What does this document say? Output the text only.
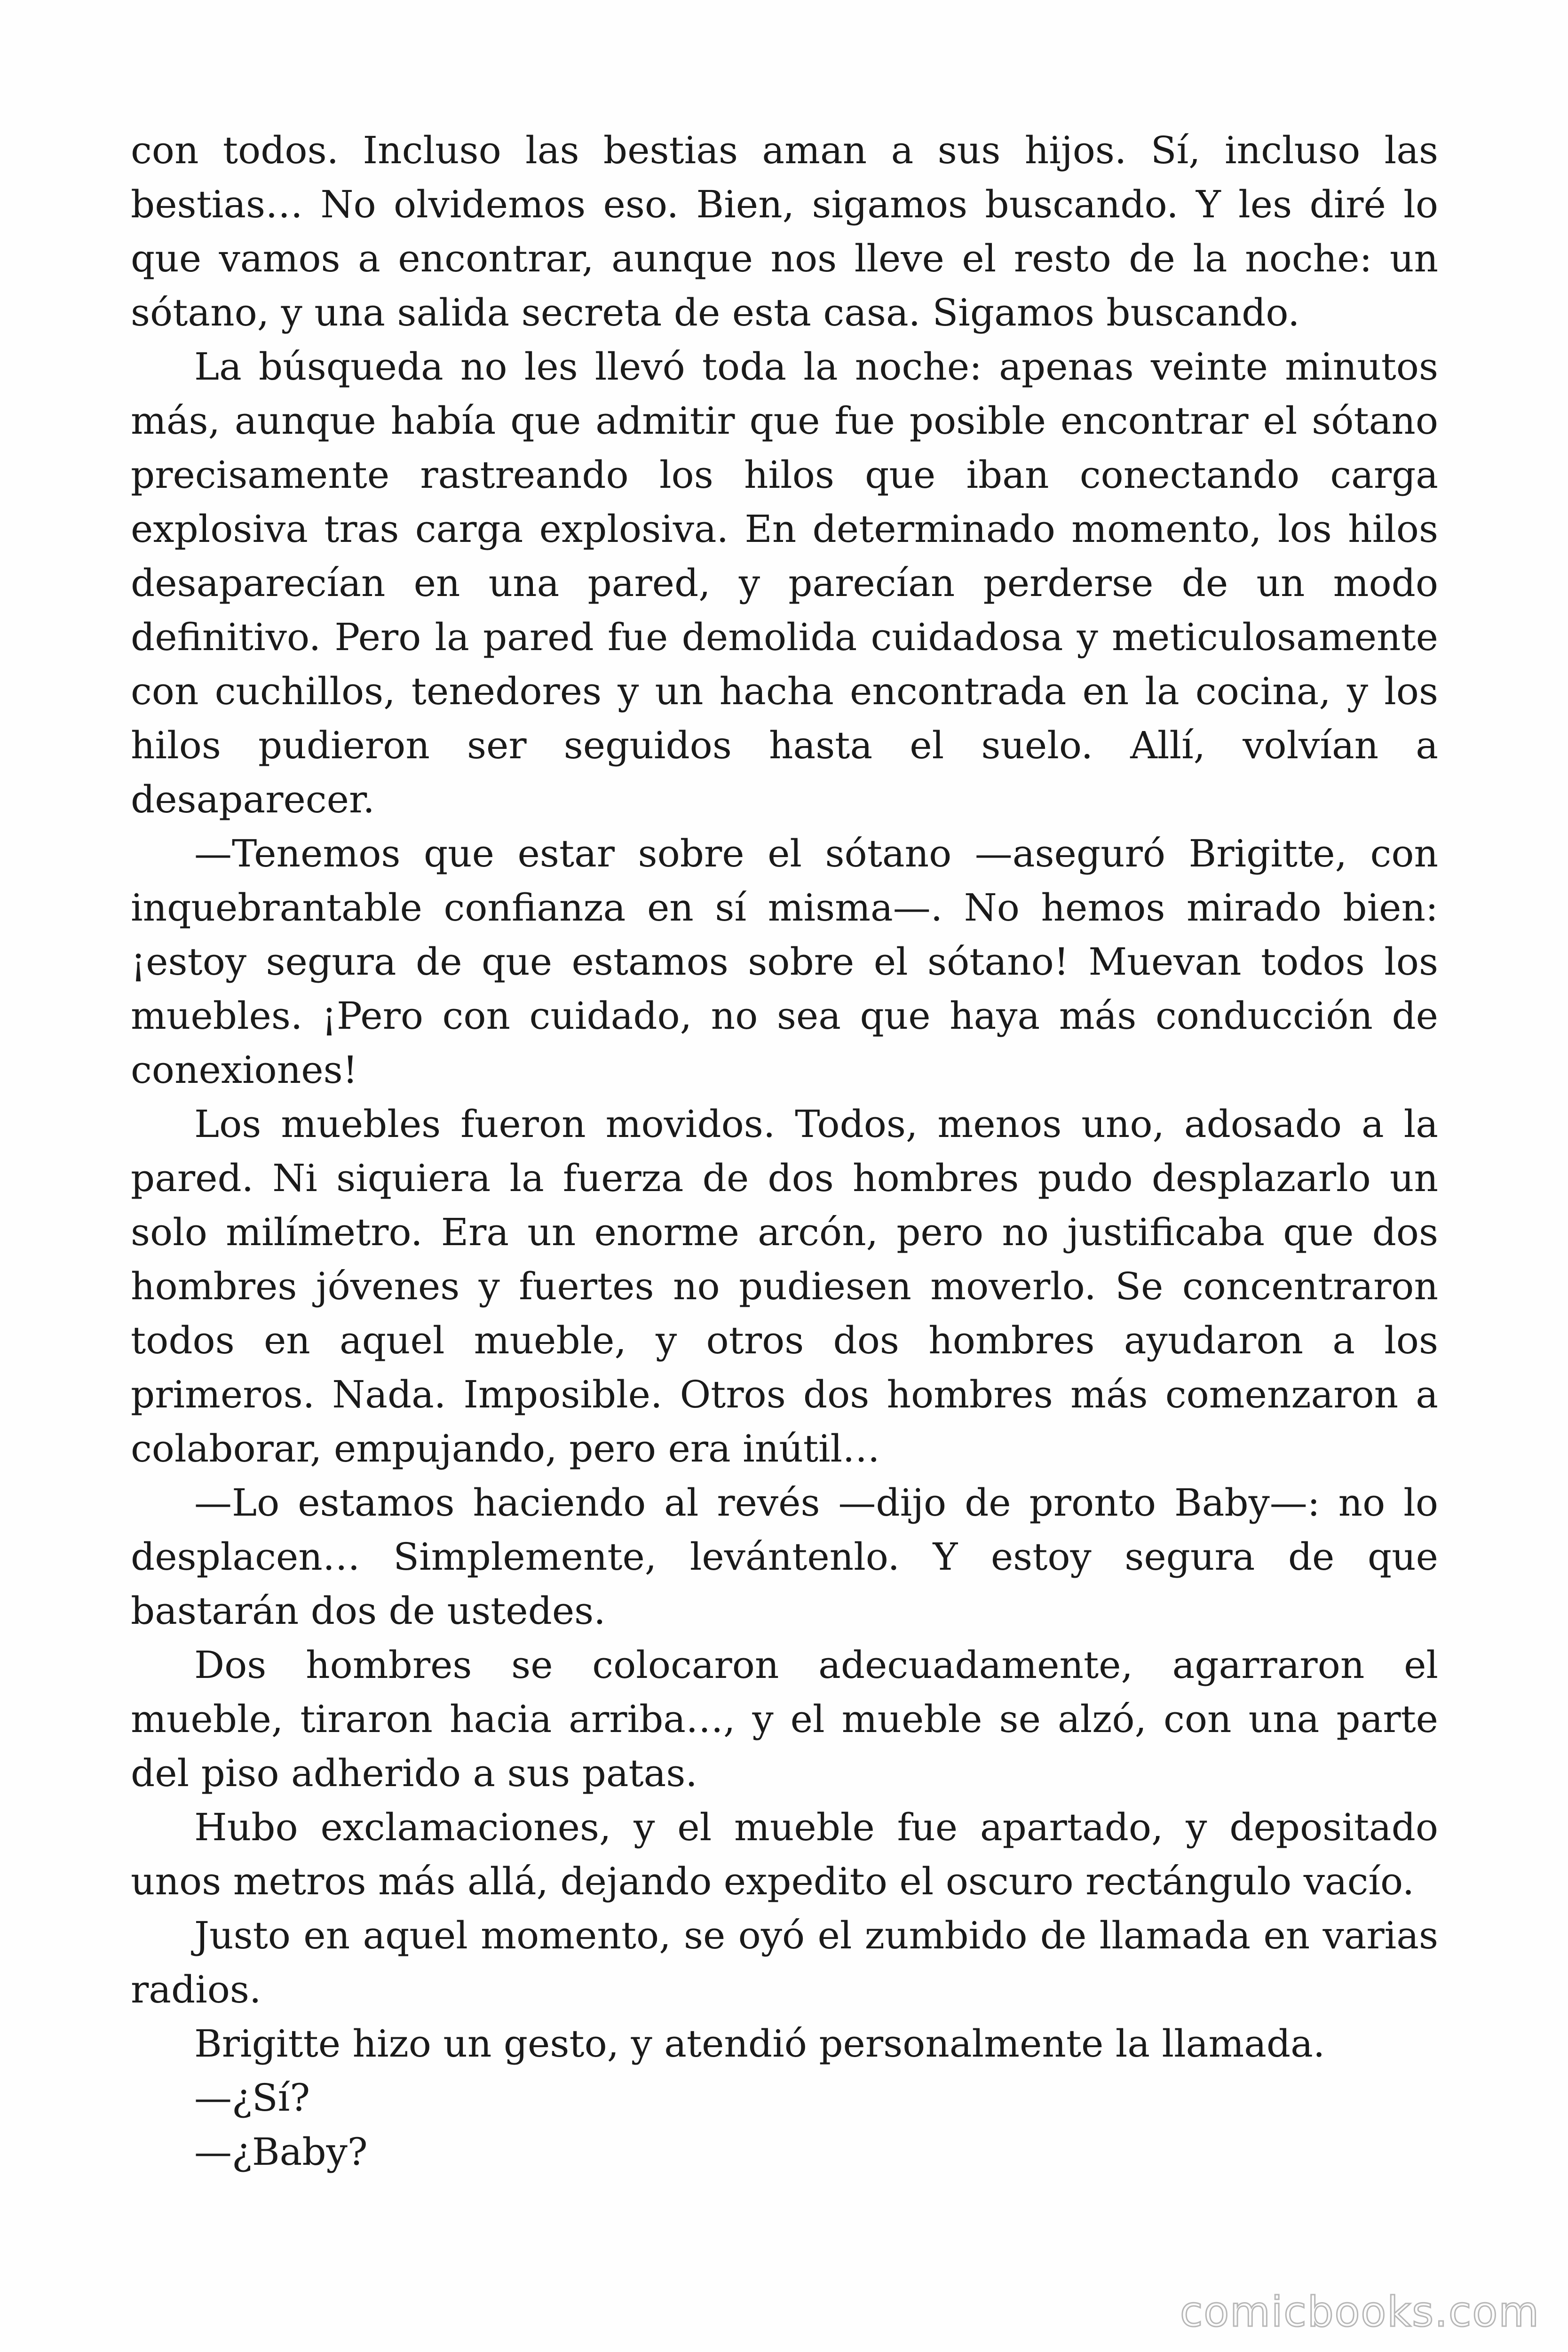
con todos. Incluso las bestias aman a sus hijos. Sí, incluso las bestias… No olvidemos eso. Bien, sigamos buscando. Y les diré lo que vamos a encontrar, aunque nos lleve el resto de la noche: un sótano, y una salida secreta de esta casa. Sigamos buscando.

La búsqueda no les llevó toda la noche: apenas veinte minutos más, aunque había que admitir que fue posible encontrar el sótano precisamente rastreando los hilos que iban conectando carga explosiva tras carga explosiva. En determinado momento, los hilos desaparecían en una pared, y parecían perderse de un modo definitivo. Pero la pared fue demolida cuidadosa y meticulosamente con cuchillos, tenedores y un hacha encontrada en la cocina, y los hilos pudieron ser seguidos hasta el suelo. Allí, volvían a desaparecer.

—Tenemos que estar sobre el sótano —aseguró Brigitte, con inquebrantable confianza en sí misma—. No hemos mirado bien: ¡estoy segura de que estamos sobre el sótano! Muevan todos los muebles. ¡Pero con cuidado, no sea que haya más conducción de conexiones!

Los muebles fueron movidos. Todos, menos uno, adosado a la pared. Ni siquiera la fuerza de dos hombres pudo desplazarlo un solo milímetro. Era un enorme arcón, pero no justificaba que dos hombres jóvenes y fuertes no pudiesen moverlo. Se concentraron todos en aquel mueble, y otros dos hombres ayudaron a los primeros. Nada. Imposible. Otros dos hombres más comenzaron a colaborar, empujando, pero era inútil…

—Lo estamos haciendo al revés —dijo de pronto Baby—: no lo desplacen… Simplemente, levántenlo. Y estoy segura de que bastarán dos de ustedes.

Dos hombres se colocaron adecuadamente, agarraron el mueble, tiraron hacia arriba…, y el mueble se alzó, con una parte del piso adherido a sus patas.

Hubo exclamaciones, y el mueble fue apartado, y depositado unos metros más allá, dejando expedito el oscuro rectángulo vacío.

Justo en aquel momento, se oyó el zumbido de llamada en varias radios.

Brigitte hizo un gesto, y atendió personalmente la llamada.

—¿Sí?

—¿Baby?

comicbooks.com
